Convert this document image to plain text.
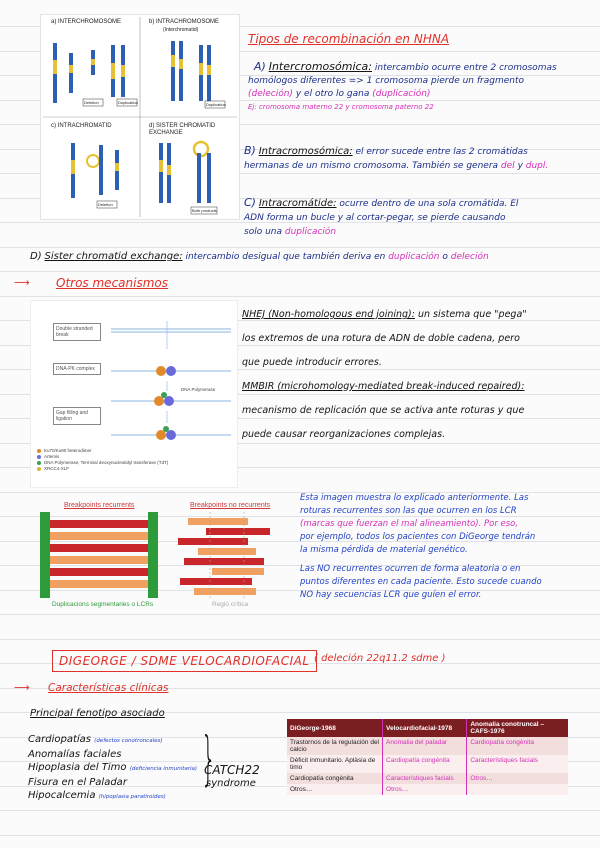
a) INTERCHROMOSOME	b) INTRACHROMOSOME
(Interchromatid)
c) INTRACHROMATID	d) SISTER CHROMATID EXCHANGE
Deletion	Duplication	Duplication
Deletion
Both products
Tipos de recombinación en NHNA
A) Intercromosómica: intercambio ocurre entre 2 cromosomas
homólogos diferentes => 1 cromosoma pierde un fragmento
(deleción) y el otro lo gana (duplicación)
Ej: cromosoma materno 22 y cromosoma paterno 22
B) Intracromosómica: el error sucede entre las 2 cromátidas
hermanas de un mismo cromosoma. También se genera del y dupl.
C) Intracromátide: ocurre dentro de una sola cromátida. El
ADN forma un bucle y al cortar-pegar, se pierde causando
solo una duplicación
D) Sister chromatid exchange: intercambio desigual que también deriva en duplicación o deleción
⟶ Otros mecanismos
Double stranded break
DNA-PK complex
Gap filling and ligation
DNA Polymerase
Ku70/Ku80 heterodimer
Artemis
DNA Polymerase, Terminal deoxynucleotidyl transferase (TdT)
XRCC4-XLF
NHEJ (Non-homologous end joining): un sistema que "pega"
los extremos de una rotura de ADN de doble cadena, pero
que puede introducir errores.
MMBIR (microhomology-mediated break-induced repaired):
mecanismo de replicación que se activa ante roturas y que
puede causar reorganizaciones complejas.
Breakpoints recurrents	Breakpoints no recurrents
Duplicacions segmentaries o LCRs	Regió crítica
Esta imagen muestra lo explicado anteriormente. Las
roturas recurrentes son las que ocurren en los LCR
(marcas que fuerzan el mal alineamiento). Por eso,
por ejemplo, todos los pacientes con DiGeorge tendrán
la misma pérdida de material genético.
Las NO recurrentes ocurren de forma aleatoria o en
puntos diferentes en cada paciente. Esto sucede cuando
NO hay secuencias LCR que guíen el error.
DIGEORGE / SDME VELOCARDIOFACIAL ( deleción 22q11.2 sdme )
⟶ Características clínicas
Principal fenotipo asociado
Cardiopatías (defectos conotroncales)
Anomalías faciales
Hipoplasia del Timo (deficiencia inmunitaria)
Fisura en el Paladar
Hipocalcemia (hipoplasia paratiroides)
}
CATCH22
syndrome
DiGeorge-1968	Velocardiofacial-1978	Anomalia conotruncal – CAFS-1976
Trastornos de la regulación del calcio	Anomalia del paladar	Cardiopatía congènita
Dèficit inmunitario. Aplàsia de timo	Cardiopatía congénita	Característiques facials
Cardiopatía congènita	Característiques facials	Otros…
Otros…	Otros…	
